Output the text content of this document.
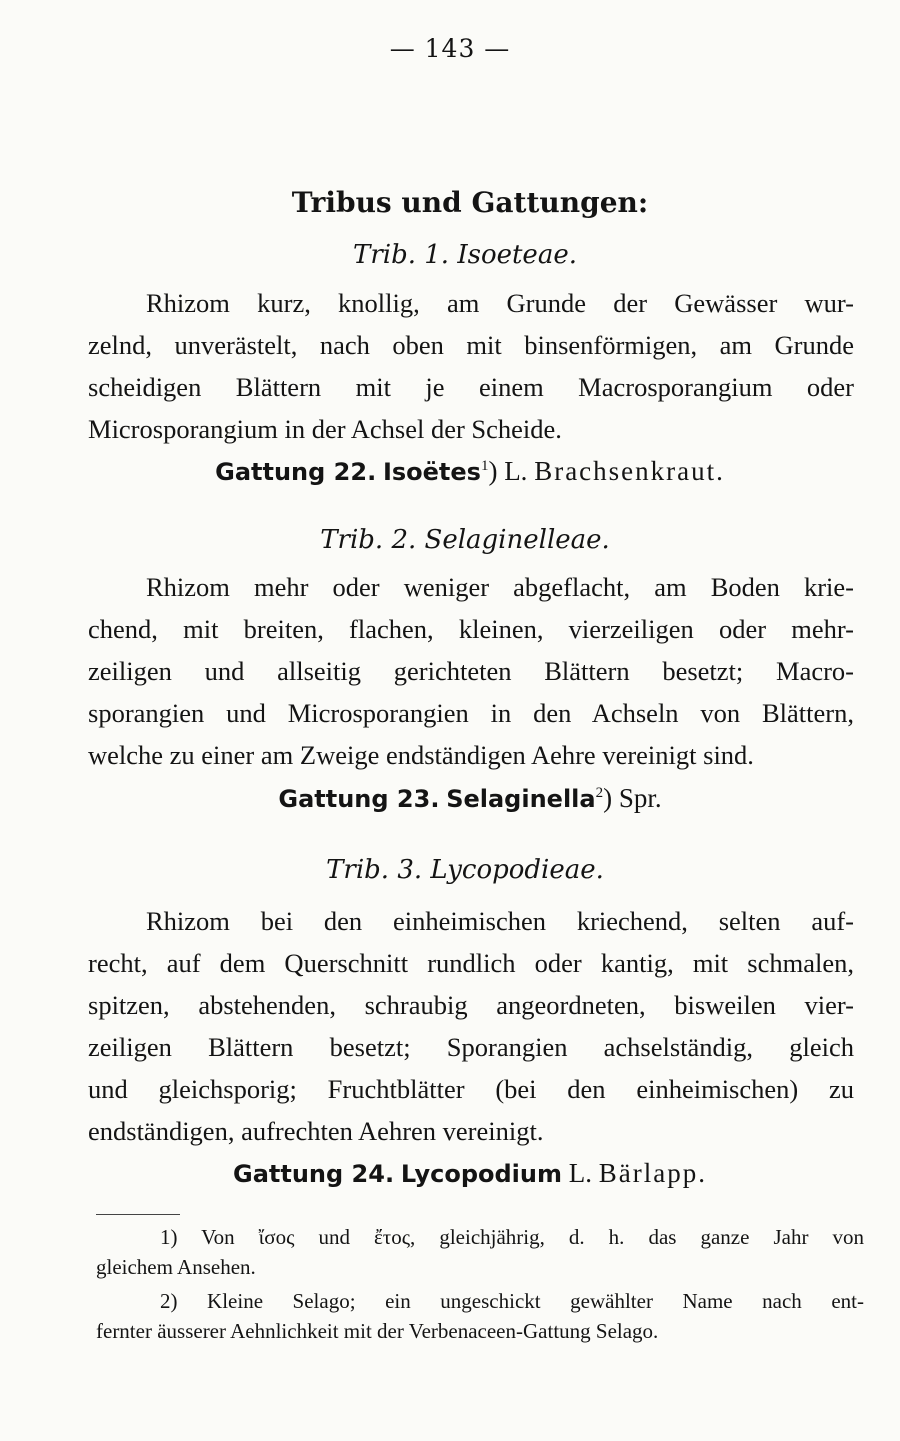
— 143 —
Tribus und Gattungen:
Trib. 1. Isoeteae.
Rhizom kurz, knollig, am Grunde der Gewässer wur-
zelnd, unverästelt, nach oben mit binsenförmigen, am Grunde
scheidigen Blättern mit je einem Macrosporangium oder
Microsporangium in der Achsel der Scheide.
Gattung 22. Isoëtes$^1$) L. Brachsenkraut.
Trib. 2. Selaginelleae.
Rhizom mehr oder weniger abgeflacht, am Boden krie-
chend, mit breiten, flachen, kleinen, vierzeiligen oder mehr-
zeiligen und allseitig gerichteten Blättern besetzt; Macro-
sporangien und Microsporangien in den Achseln von Blättern,
welche zu einer am Zweige endständigen Aehre vereinigt sind.
Gattung 23. Selaginella$^2$) Spr.
Trib. 3. Lycopodieae.
Rhizom bei den einheimischen kriechend, selten auf-
recht, auf dem Querschnitt rundlich oder kantig, mit schmalen,
spitzen, abstehenden, schraubig angeordneten, bisweilen vier-
zeiligen Blättern besetzt; Sporangien achselständig, gleich
und gleichsporig; Fruchtblätter (bei den einheimischen) zu
endständigen, aufrechten Aehren vereinigt.
Gattung 24. Lycopodium L. Bärlapp.
1) Von ἴσος und ἔτος, gleichjährig, d. h. das ganze Jahr von
gleichem Ansehen.
2) Kleine Selago; ein ungeschickt gewählter Name nach ent-
fernter äusserer Aehnlichkeit mit der Verbenaceen-Gattung Selago.
